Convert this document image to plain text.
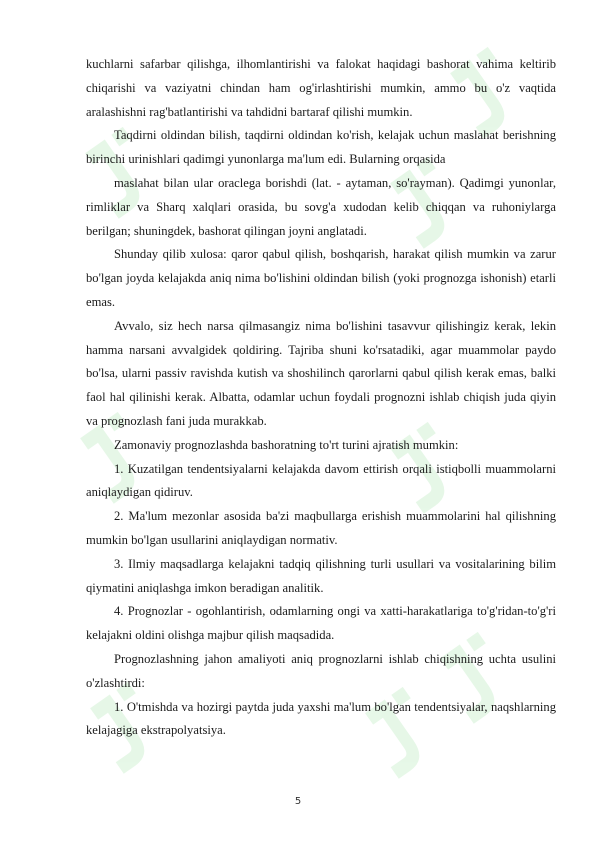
kuchlarni safarbar qilishga, ilhomlantirishi va falokat haqidagi bashorat vahima keltirib chiqarishi va vaziyatni chindan ham og'irlashtirishi mumkin, ammo bu o'z vaqtida aralashishni rag'batlantirishi va tahdidni bartaraf qilishi mumkin.

Taqdirni oldindan bilish, taqdirni oldindan ko'rish, kelajak uchun maslahat berishning birinchi urinishlari qadimgi yunonlarga ma'lum edi. Bularning orqasida

maslahat bilan ular oraclega borishdi (lat. - aytaman, so'rayman). Qadimgi yunonlar, rimliklar va Sharq xalqlari orasida, bu sovg'a xudodan kelib chiqqan va ruhoniylarga berilgan; shuningdek, bashorat qilingan joyni anglatadi.

Shunday qilib xulosa: qaror qabul qilish, boshqarish, harakat qilish mumkin va zarur bo'lgan joyda kelajakda aniq nima bo'lishini oldindan bilish (yoki prognozga ishonish) etarli emas.

Avvalo, siz hech narsa qilmasangiz nima bo'lishini tasavvur qilishingiz kerak, lekin hamma narsani avvalgidek qoldiring. Tajriba shuni ko'rsatadiki, agar muammolar paydo bo'lsa, ularni passiv ravishda kutish va shoshilinch qarorlarni qabul qilish kerak emas, balki faol hal qilinishi kerak. Albatta, odamlar uchun foydali prognozni ishlab chiqish juda qiyin va prognozlash fani juda murakkab.

Zamonaviy prognozlashda bashoratning to'rt turini ajratish mumkin:

1. Kuzatilgan tendentsiyalarni kelajakda davom ettirish orqali istiqbolli muammolarni aniqlaydigan qidiruv.

2. Ma'lum mezonlar asosida ba'zi maqbullarga erishish muammolarini hal qilishning mumkin bo'lgan usullarini aniqlaydigan normativ.

3. Ilmiy maqsadlarga kelajakni tadqiq qilishning turli usullari va vositalarining bilim qiymatini aniqlashga imkon beradigan analitik.

4. Prognozlar - ogohlantirish, odamlarning ongi va xatti-harakatlariga to'g'ridan-to'g'ri kelajakni oldini olishga majbur qilish maqsadida.

Prognozlashning jahon amaliyoti aniq prognozlarni ishlab chiqishning uchta usulini o'zlashtirdi:

1. O'tmishda va hozirgi paytda juda yaxshi ma'lum bo'lgan tendentsiyalar, naqshlarning kelajagiga ekstrapolyatsiya.

5
